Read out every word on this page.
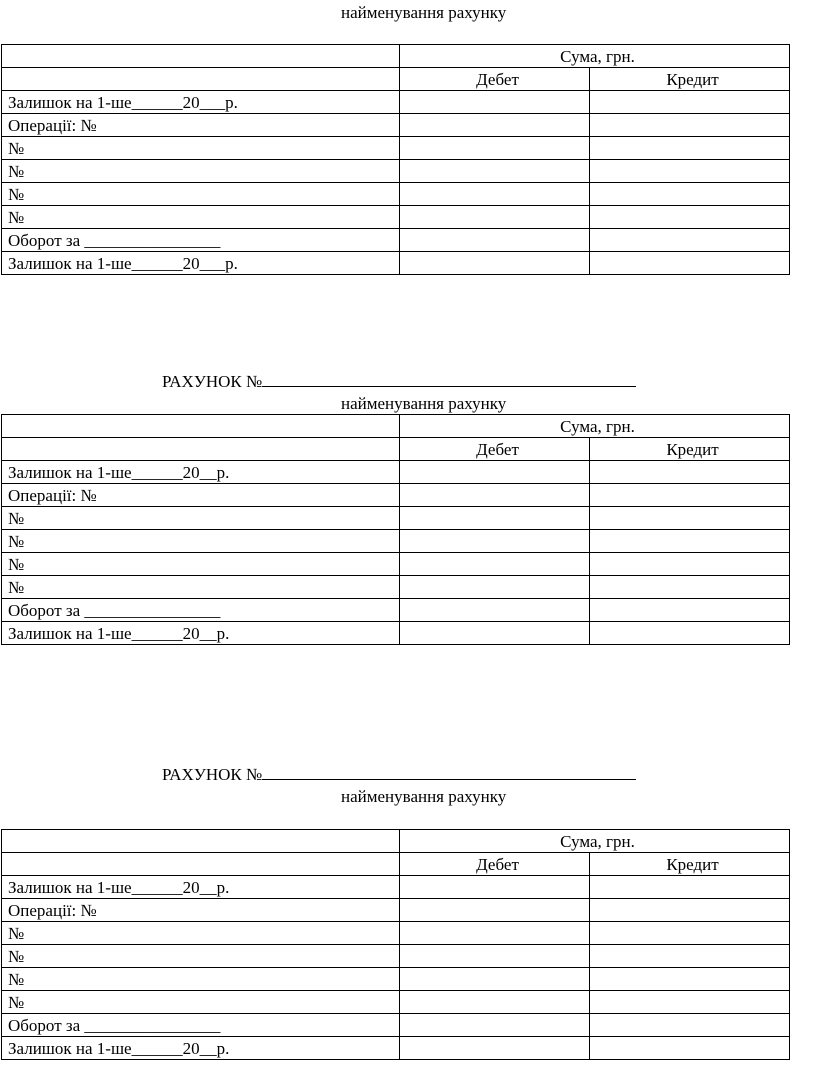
найменування рахунку
	Сума, грн.	
	Дебет	Кредит
Залишок на 1-ше______20___р.		
Операції: №		
№		
№		
№		
№		
Оборот за ________________		
Залишок на 1-ше______20___р.		
РАХУНОК №
найменування рахунку
	Сума, грн.	
	Дебет	Кредит
Залишок на 1-ше______20__р.		
Операції: №		
№		
№		
№		
№		
Оборот за ________________		
Залишок на 1-ше______20__р.		
РАХУНОК №
найменування рахунку
	Сума, грн.	
	Дебет	Кредит
Залишок на 1-ше______20__р.		
Операції: №		
№		
№		
№		
№		
Оборот за ________________		
Залишок на 1-ше______20__р.		
